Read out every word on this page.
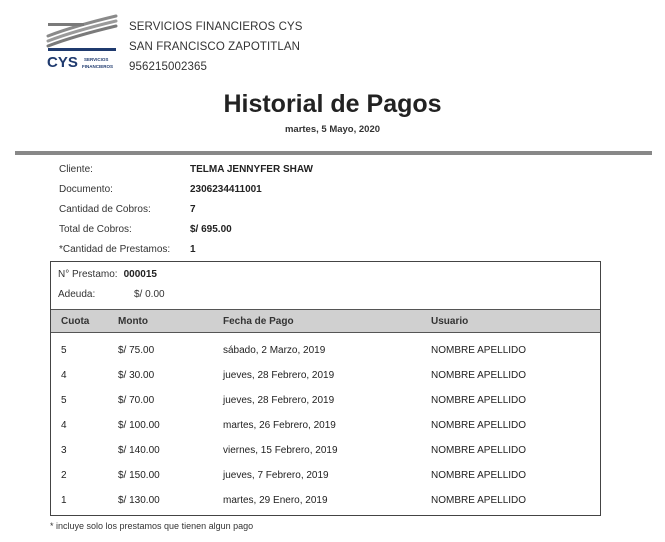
CYS SERVICIOS
FINANCIEROS
SERVICIOS FINANCIEROS CYS
SAN FRANCISCO ZAPOTITLAN
956215002365
Historial de Pagos
martes, 5 Mayo, 2020
Cliente:	TELMA JENNYFER SHAW
Documento:	2306234411001
Cantidad de Cobros:	7
Total de Cobros:	$/ 695.00
*Cantidad de Prestamos: 1
N° Prestamo: 000015
Adeuda:	$/ 0.00
Cuota	Monto	Fecha de Pago	Usuario
5	$/ 75.00	sábado, 2 Marzo, 2019	NOMBRE APELLIDO
4	$/ 30.00	jueves, 28 Febrero, 2019	NOMBRE APELLIDO
5	$/ 70.00	jueves, 28 Febrero, 2019	NOMBRE APELLIDO
4	$/ 100.00	martes, 26 Febrero, 2019	NOMBRE APELLIDO
3	$/ 140.00	viernes, 15 Febrero, 2019	NOMBRE APELLIDO
2	$/ 150.00	jueves, 7 Febrero, 2019	NOMBRE APELLIDO
1	$/ 130.00	martes, 29 Enero, 2019	NOMBRE APELLIDO
* incluye solo los prestamos que tienen algun pago
